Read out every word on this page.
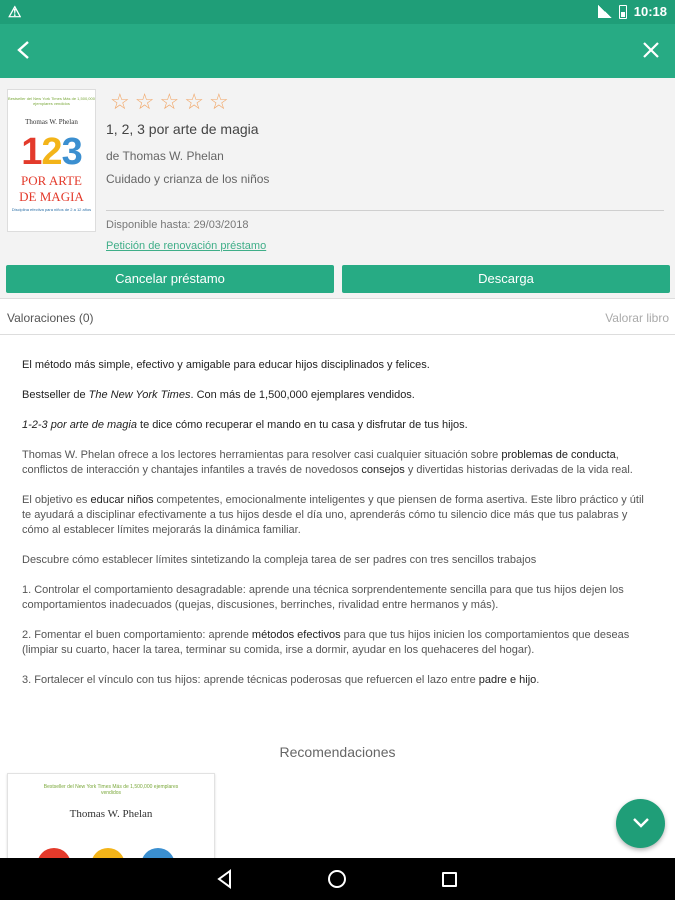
⚠	10:18
Bestseller del New York Times Más de 1,500,000 ejemplares vendidos
Thomas W. Phelan
123
POR ARTE
DE MAGIA
Disciplina efectiva para niños de 2 a 12 años
☆ ☆ ☆ ☆ ☆
1, 2, 3 por arte de magia
de Thomas W. Phelan
Cuidado y crianza de los niños
Disponible hasta: 29/03/2018
Petición de renovación préstamo
Cancelar préstamo	Descarga
Valoraciones (0)	Valorar libro

El método más simple, efectivo y amigable para educar hijos disciplinados y felices.

Bestseller de The New York Times. Con más de 1,500,000 ejemplares vendidos.

1-2-3 por arte de magia te dice cómo recuperar el mando en tu casa y disfrutar de tus hijos.

Thomas W. Phelan ofrece a los lectores herramientas para resolver casi cualquier situación sobre problemas de conducta, conflictos de interacción y chantajes infantiles a través de novedosos consejos y divertidas historias derivadas de la vida real.

El objetivo es educar niños competentes, emocionalmente inteligentes y que piensen de forma asertiva. Este libro práctico y útil te ayudará a disciplinar efectivamente a tus hijos desde el día uno, aprenderás cómo tu silencio dice más que tus palabras y cómo al establecer límites mejorarás la dinámica familiar.

Descubre cómo establecer límites sintetizando la compleja tarea de ser padres con tres sencillos trabajos

1. Controlar el comportamiento desagradable: aprende una técnica sorprendentemente sencilla para que tus hijos dejen los comportamientos inadecuados (quejas, discusiones, berrinches, rivalidad entre hermanos y más).

2. Fomentar el buen comportamiento: aprende métodos efectivos para que tus hijos inicien los comportamientos que deseas (limpiar su cuarto, hacer la tarea, terminar su comida, irse a dormir, ayudar en los quehaceres del hogar).

3. Fortalecer el vínculo con tus hijos: aprende técnicas poderosas que refuercen el lazo entre padre e hijo.

Recomendaciones
Bestseller del New York Times Más de 1,500,000 ejemplares vendidos
Thomas W. Phelan
